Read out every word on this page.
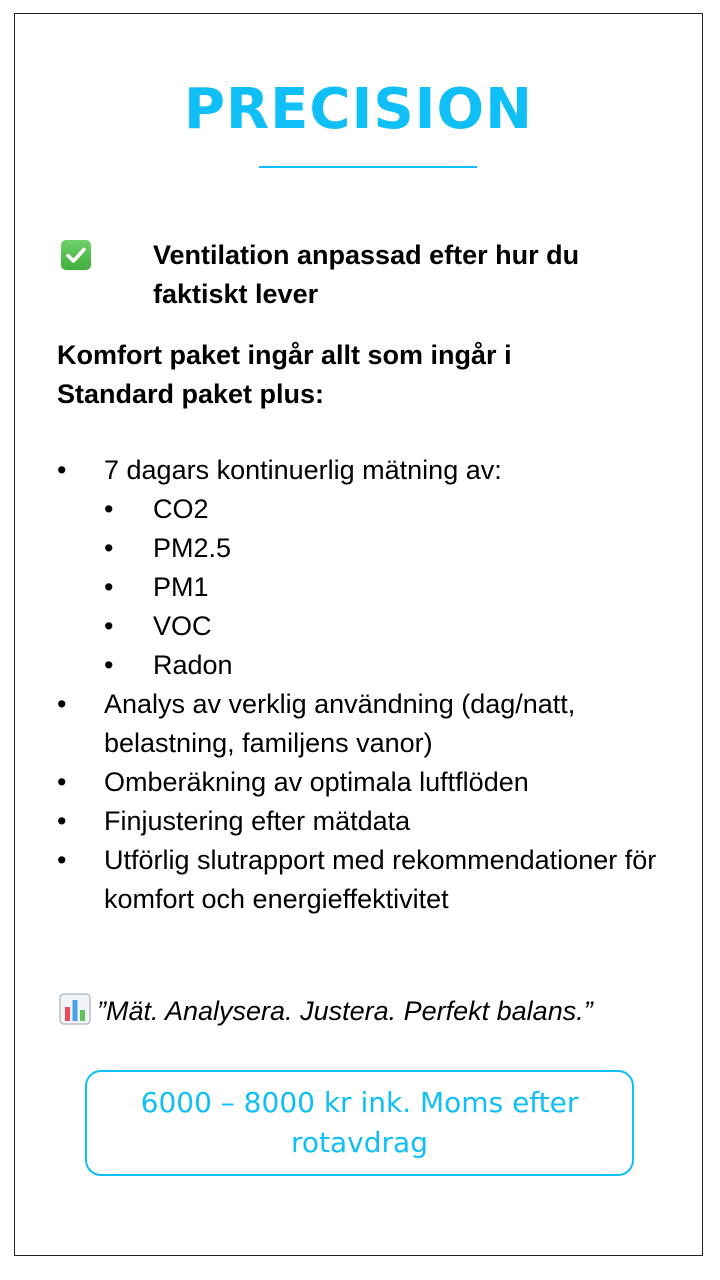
PRECISION
Ventilation anpassad efter hur du faktiskt lever
Komfort paket ingår allt som ingår i Standard paket plus:
•	7 dagars kontinuerlig mätning av:
•	CO2
•	PM2.5
•	PM1
•	VOC
•	Radon
•	Analys av verklig användning (dag/natt, belastning, familjens vanor)
•	Omberäkning av optimala luftflöden
•	Finjustering efter mätdata
•	Utförlig slutrapport med rekommendationer för komfort och energieffektivitet
”Mät. Analysera. Justera. Perfekt balans.”
6000 – 8000 kr ink. Moms efter rotavdrag
